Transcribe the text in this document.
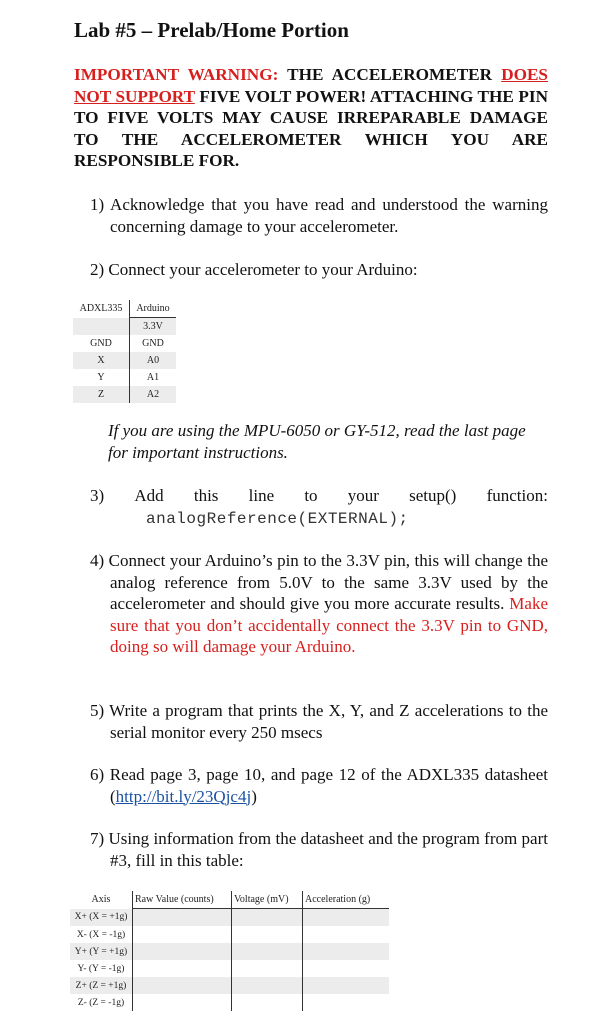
Lab #5 – Prelab/Home Portion

IMPORTANT WARNING: THE ACCELEROMETER DOES NOT SUPPORT FIVE VOLT POWER! ATTACHING THE PIN TO FIVE VOLTS MAY CAUSE IRREPARABLE DAMAGE TO THE ACCELEROMETER WHICH YOU ARE RESPONSIBLE FOR.

1) Acknowledge that you have read and understood the warning concerning damage to your accelerometer.

2) Connect your accelerometer to your Arduino:

ADXL335	Arduino
	3.3V
GND	GND
X	A0
Y	A1
Z	A2

If you are using the MPU-6050 or GY-512, read the last page for important instructions.

3) Add this line to your setup() function:
analogReference(EXTERNAL);

4) Connect your Arduino’s pin to the 3.3V pin, this will change the analog reference from 5.0V to the same 3.3V used by the accelerometer and should give you more accurate results. Make sure that you don’t accidentally connect the 3.3V pin to GND, doing so will damage your Arduino.

5) Write a program that prints the X, Y, and Z accelerations to the serial monitor every 250 msecs

6) Read page 3, page 10, and page 12 of the ADXL335 datasheet (http://bit.ly/23Qjc4j)

7) Using information from the datasheet and the program from part #3, fill in this table:

Axis	Raw Value (counts)	Voltage (mV)	Acceleration (g)
X+ (X = +1g)			
X- (X = -1g)			
Y+ (Y = +1g)			
Y- (Y = -1g)			
Z+ (Z = +1g)			
Z- (Z = -1g)			
